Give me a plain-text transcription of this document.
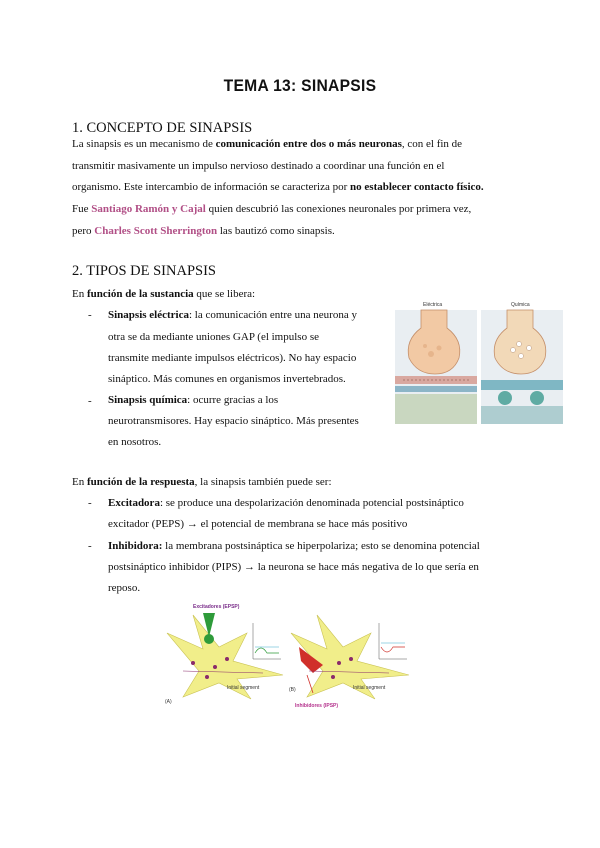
TEMA 13: SINAPSIS
1. CONCEPTO DE SINAPSIS

La sinapsis es un mecanismo de comunicación entre dos o más neuronas, con el fin de

transmitir masivamente un impulso nervioso destinado a coordinar una función en el

organismo. Este intercambio de información se caracteriza por no establecer contacto físico.

Fue Santiago Ramón y Cajal quien descubrió las conexiones neuronales por primera vez,

pero Charles Scott Sherrington las bautizó como sinapsis.

2. TIPOS DE SINAPSIS

En función de la sustancia que se libera:

- Sinapsis eléctrica: la comunicación entre una neurona y

otra se da mediante uniones GAP (el impulso se

transmite mediante impulsos eléctricos). No hay espacio

sináptico. Más comunes en organismos invertebrados.

- Sinapsis química: ocurre gracias a los

neurotransmisores. Hay espacio sináptico. Más presentes

en nosotros.

Eléctrica	Química

En función de la respuesta, la sinapsis también puede ser:

- Excitadora: se produce una despolarización denominada potencial postsináptico

excitador (PEPS) → el potencial de membrana se hace más positivo

- Inhibidora: la membrana postsináptica se hiperpolariza; esto se denomina potencial

postsináptico inhibidor (PIPS) → la neurona se hace más negativa de lo que sería en

reposo.

Excitadores (EPSP)
Inhibidores (IPSP)
(A)
(B)
Initial segment	Initial segment
